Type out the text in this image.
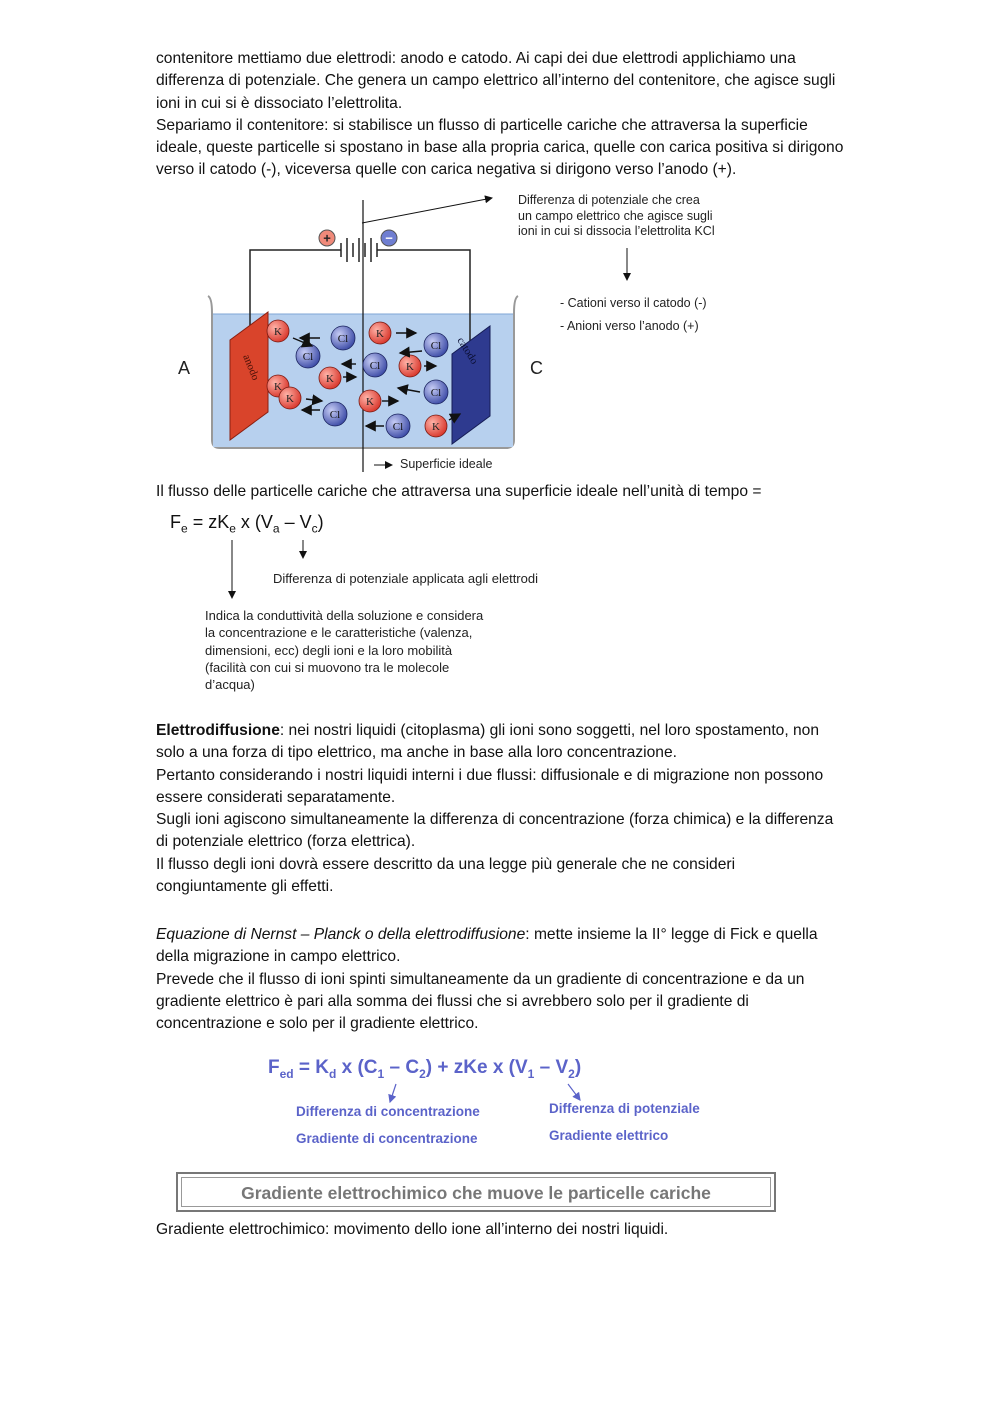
contenitore mettiamo due elettrodi: anodo e catodo. Ai capi dei due elettrodi applichiamo una
differenza di potenziale. Che genera un campo elettrico all’interno del contenitore, che agisce sugli
ioni in cui si è dissociato l’elettrolita.
Separiamo il contenitore: si stabilisce un flusso di particelle cariche che attraversa la superficie
ideale, queste particelle si spostano in base alla propria carica, quelle con carica positiva si dirigono
verso il catodo (-), viceversa quelle con carica negativa si dirigono verso l’anodo (+).
+	−
anodo
catodo
K
Cl
Cl	K
Cl
K
K
Cl K
Cl
K
Cl
K
Cl	K
Differenza di potenziale che crea
un campo elettrico che agisce sugli
ioni in cui si dissocia l’elettrolita KCl
- Cationi verso il catodo (-)
- Anioni verso l’anodo (+)
A	C
Superficie ideale
Il flusso delle particelle cariche che attraversa una superficie ideale nell’unità di tempo =
$F_e = zK_e$ x $(V_a - V_c)$
Differenza di potenziale applicata agli elettrodi
Indica la conduttività della soluzione e considera
la concentrazione e le caratteristiche (valenza,
dimensioni, ecc) degli ioni e la loro mobilità
(facilità con cui si muovono tra le molecole
d’acqua)
Elettrodiffusione: nei nostri liquidi (citoplasma) gli ioni sono soggetti, nel loro spostamento, non
solo a una forza di tipo elettrico, ma anche in base alla loro concentrazione.
Pertanto considerando i nostri liquidi interni i due flussi: diffusionale e di migrazione non possono
essere considerati separatamente.
Sugli ioni agiscono simultaneamente la differenza di concentrazione (forza chimica) e la differenza
di potenziale elettrico (forza elettrica).
Il flusso degli ioni dovrà essere descritto da una legge più generale che ne consideri
congiuntamente gli effetti.
Equazione di Nernst – Planck o della elettrodiffusione: mette insieme la II° legge di Fick e quella
della migrazione in campo elettrico.
Prevede che il flusso di ioni spinti simultaneamente da un gradiente di concentrazione e da un
gradiente elettrico è pari alla somma dei flussi che si avrebbero solo per il gradiente di
concentrazione e solo per il gradiente elettrico.
$F_{ed} = K_d$ x $(C_1 - C_2)$ + zKe x $(V_1 - V_2)$
Differenza di concentrazione
Gradiente di concentrazione
Differenza di potenziale
Gradiente elettrico
Gradiente elettrochimico che muove le particelle cariche
Gradiente elettrochimico: movimento dello ione all’interno dei nostri liquidi.
